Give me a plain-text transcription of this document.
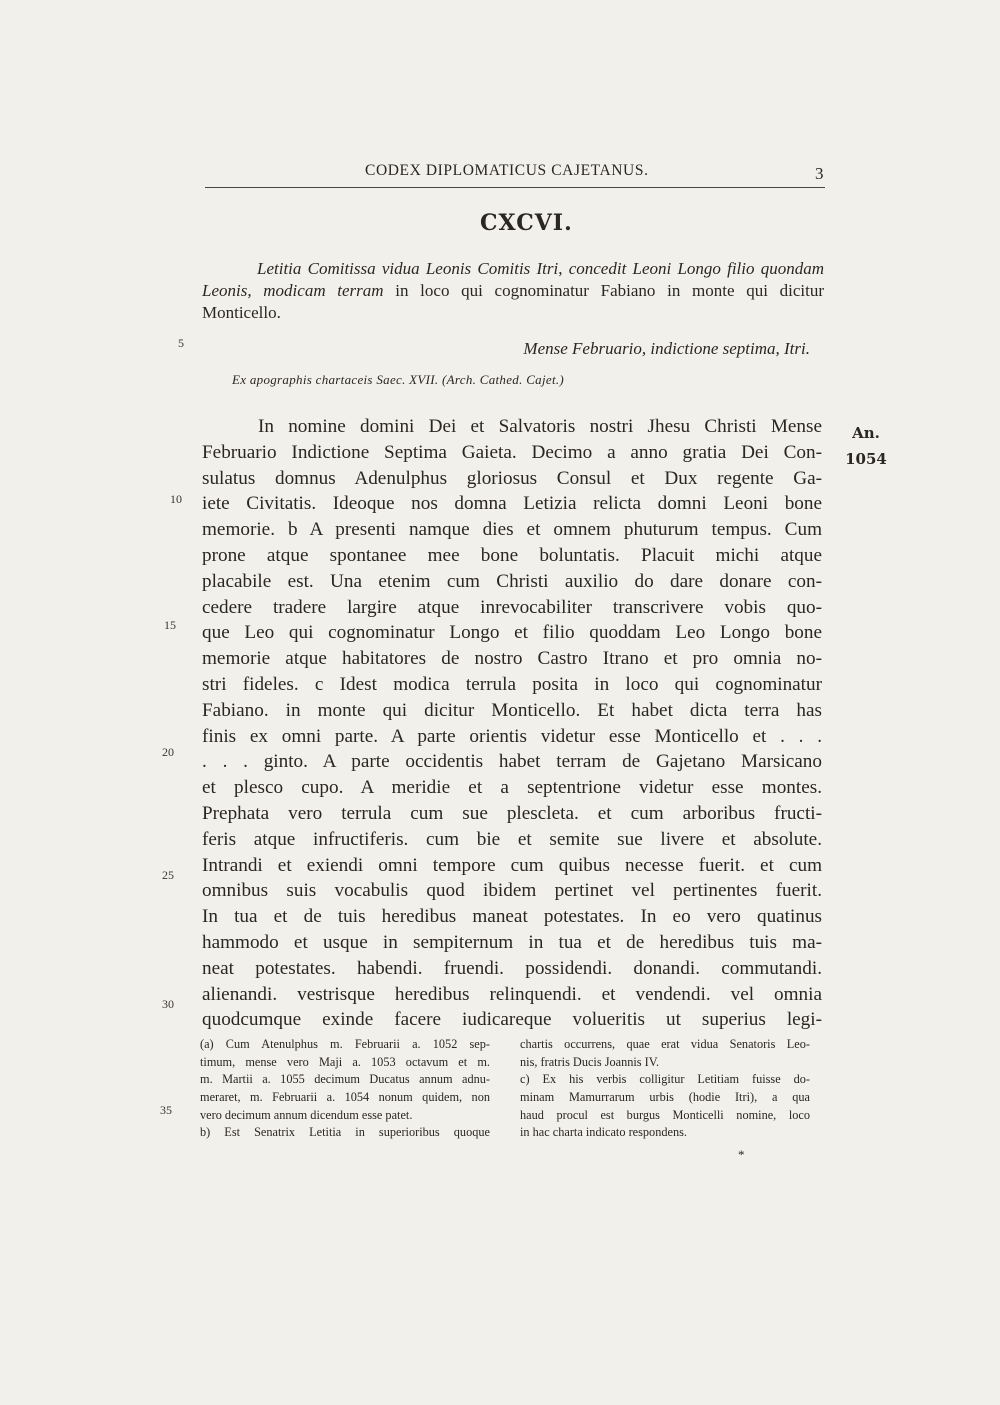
CODEX DIPLOMATICUS CAJETANUS.	3
CXCVI.

Letitia Comitissa vidua Leonis Comitis Itri, concedit Leoni Longo filio quondam Leonis, modicam terram in loco qui cognominatur Fabiano in monte qui dicitur Monticello.

Mense Februario, indictione septima, Itri.
Ex apographis chartaceis Saec. XVII. (Arch. Cathed. Cajet.)
5
10
15
20
25
30
35
An.
1054
In nomine domini Dei et Salvatoris nostri Jhesu Christi Mense
Februario Indictione Septima Gaieta. Decimo a anno gratia Dei Con-
sulatus domnus Adenulphus gloriosus Consul et Dux regente Ga-
iete Civitatis. Ideoque nos domna Letizia relicta domni Leoni bone
memorie. b A presenti namque dies et omnem phuturum tempus. Cum
prone atque spontanee mee bone boluntatis. Placuit michi atque
placabile est. Una etenim cum Christi auxilio do dare donare con-
cedere tradere largire atque inrevocabiliter transcrivere vobis quo-
que Leo qui cognominatur Longo et filio quoddam Leo Longo bone
memorie atque habitatores de nostro Castro Itrano et pro omnia no-
stri fideles. c Idest modica terrula posita in loco qui cognominatur
Fabiano. in monte qui dicitur Monticello. Et habet dicta terra has
finis ex omni parte. A parte orientis videtur esse Monticello et . . .
. . . ginto. A parte occidentis habet terram de Gajetano Marsicano
et plesco cupo. A meridie et a septentrione videtur esse montes.
Prephata vero terrula cum sue plescleta. et cum arboribus fructi-
feris atque infructiferis. cum bie et semite sue livere et absolute.
Intrandi et exiendi omni tempore cum quibus necesse fuerit. et cum
omnibus suis vocabulis quod ibidem pertinet vel pertinentes fuerit.
In tua et de tuis heredibus maneat potestates. In eo vero quatinus
hammodo et usque in sempiternum in tua et de heredibus tuis ma-
neat potestates. habendi. fruendi. possidendi. donandi. commutandi.
alienandi. vestrisque heredibus relinquendi. et vendendi. vel omnia
quodcumque exinde facere iudicareque volueritis ut superius legi-
(a) Cum Atenulphus m. Februarii a. 1052 sep-
timum, mense vero Maji a. 1053 octavum et m.
m. Martii a. 1055 decimum Ducatus annum adnu-
meraret, m. Februarii a. 1054 nonum quidem, non
vero decimum annum dicendum esse patet.
b) Est Senatrix Letitia in superioribus quoque
chartis occurrens, quae erat vidua Senatoris Leo-
nis, fratris Ducis Joannis IV.
c) Ex his verbis colligitur Letitiam fuisse do-
minam Mamurrarum urbis (hodie Itri), a qua
haud procul est burgus Monticelli nomine, loco
in hac charta indicato respondens.
*
